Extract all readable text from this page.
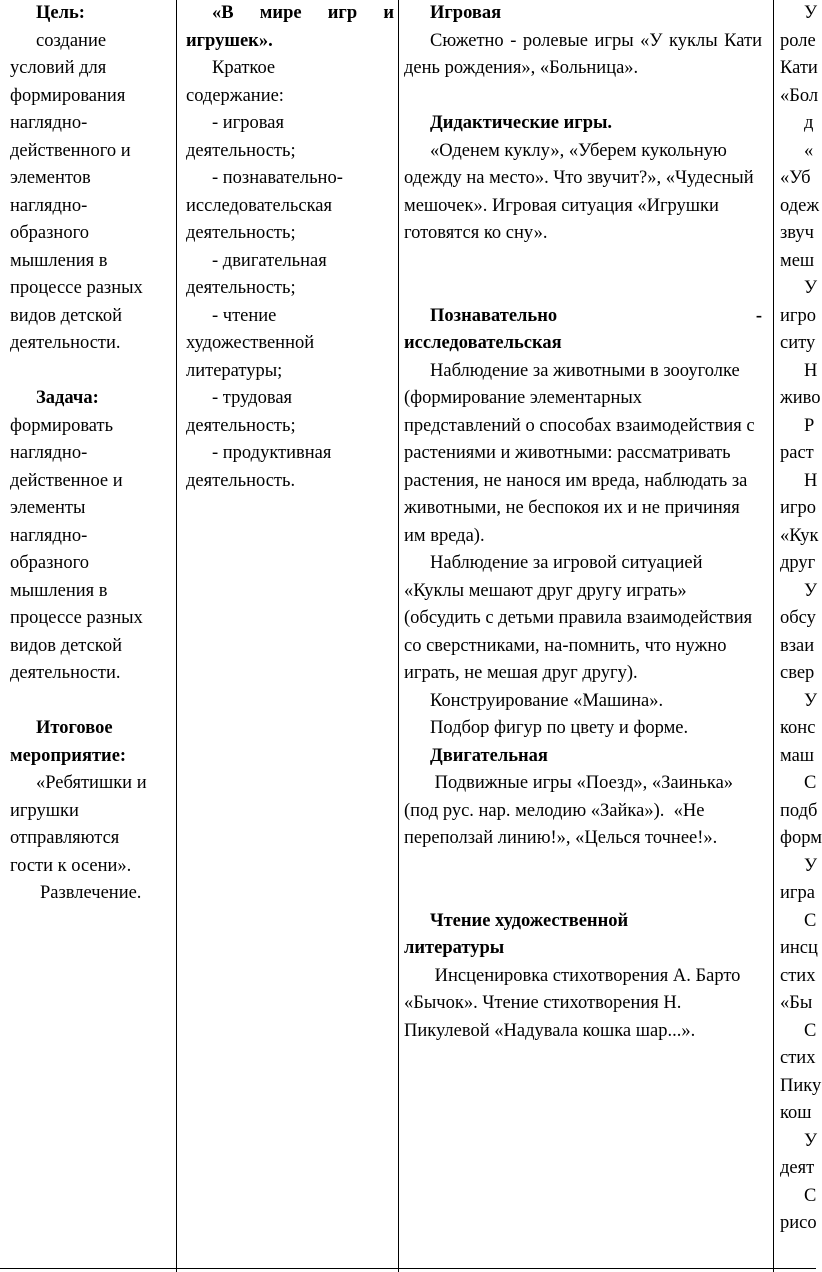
Цель:

создание

условий для

формирования

наглядно-

действенного и

элементов

наглядно-

образного

мышления в

процессе разных

видов детской

деятельности.

Задача:

формировать

наглядно-

действенное и

элементы

наглядно-

образного

мышления в

процессе разных

видов детской

деятельности.

Итоговое

мероприятие:

«Ребятишки и

игрушки

отправляются

гости к осени».

Развлечение.

«В мире игр и

игрушек».

Краткое

содержание:

- игровая

деятельность;

- познавательно-

исследовательская

деятельность;

- двигательная

деятельность;

- чтение

художественной

литературы;

- трудовая

деятельность;

- продуктивная

деятельность.

Игровая

Сюжетно - ролевые игры «У куклы Кати день рождения», «Больница».

Дидактические игры.

«Оденем куклу», «Уберем кукольную одежду на место». Что звучит?», «Чудесный мешочек». Игровая ситуация «Игрушки готовятся ко сну».

Познавательно	-

исследовательская

Наблюдение за животными в зооуголке (формирование элементарных представлений о способах взаимодействия с растениями и животными: рассматривать растения, не нанося им вреда, наблюдать за животными, не беспокоя их и не причиняя им вреда).

Наблюдение за игровой ситуацией «Куклы мешают друг другу играть» (обсудить с детьми правила взаимодействия со сверстниками, на-помнить, что нужно играть, не мешая друг другу).

Конструирование «Машина».

Подбор фигур по цвету и форме.

Двигательная

Подвижные игры «Поезд», «Заинька» (под рус. нар. мелодию «Зайка»).  «Не переползай линию!», «Целься точнее!».

Чтение художественной

литературы

Инсценировка стихотворения А. Барто «Бычок». Чтение стихотворения Н. Пикулевой «Надувала кошка шар...».

У

роле

Кати

«Бол

д

«

«Уб

одеж

звуч

меш

У

игро

ситу

Н

живо

Р

раст

Н

игро

«Кук

друг

У

обсу

взаи

свер

У

конс

маш

С

подб

форм

У

игра

С

инсц

стих

«Бы

С

стих

Пику

кош

У

деят

С

рисо
